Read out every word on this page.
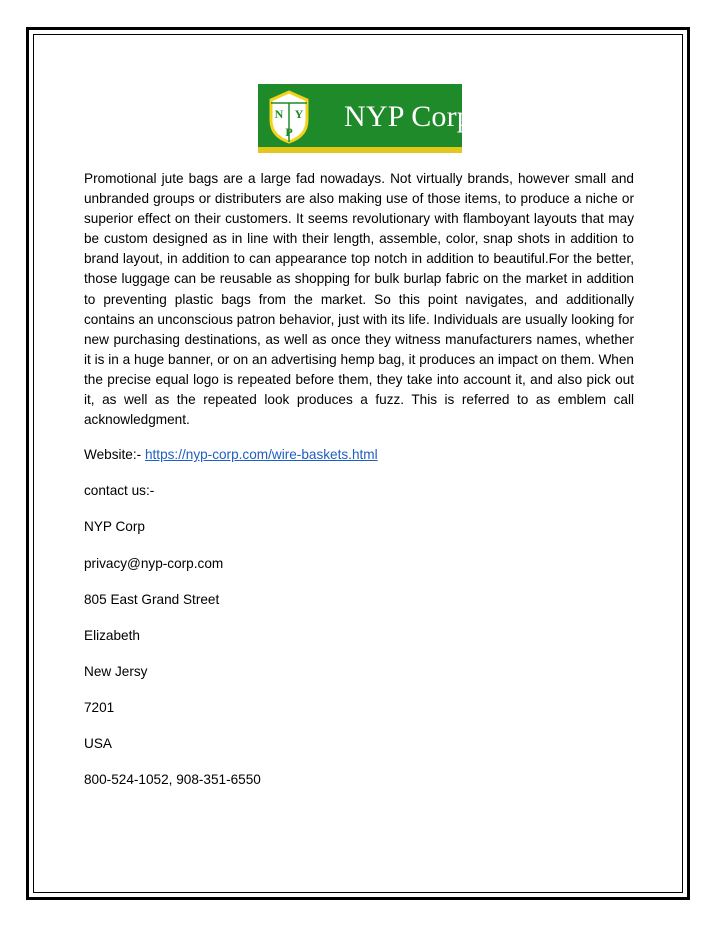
N Y
P NYP Corp.

Promotional jute bags are a large fad nowadays. Not virtually brands, however small and unbranded groups or distributers are also making use of those items, to produce a niche or superior effect on their customers. It seems revolutionary with flamboyant layouts that may be custom designed as in line with their length, assemble, color, snap shots in addition to brand layout, in addition to can appearance top notch in addition to beautiful.For the better, those luggage can be reusable as shopping for bulk burlap fabric on the market in addition to preventing plastic bags from the market. So this point navigates, and additionally contains an unconscious patron behavior, just with its life. Individuals are usually looking for new purchasing destinations, as well as once they witness manufacturers names, whether it is in a huge banner, or on an advertising hemp bag, it produces an impact on them. When the precise equal logo is repeated before them, they take into account it, and also pick out it, as well as the repeated look produces a fuzz. This is referred to as emblem call acknowledgment.

Website:- https://nyp-corp.com/wire-baskets.html

contact us:-

NYP Corp

privacy@nyp-corp.com

805 East Grand Street

Elizabeth

New Jersy

7201

USA

800-524-1052, 908-351-6550
